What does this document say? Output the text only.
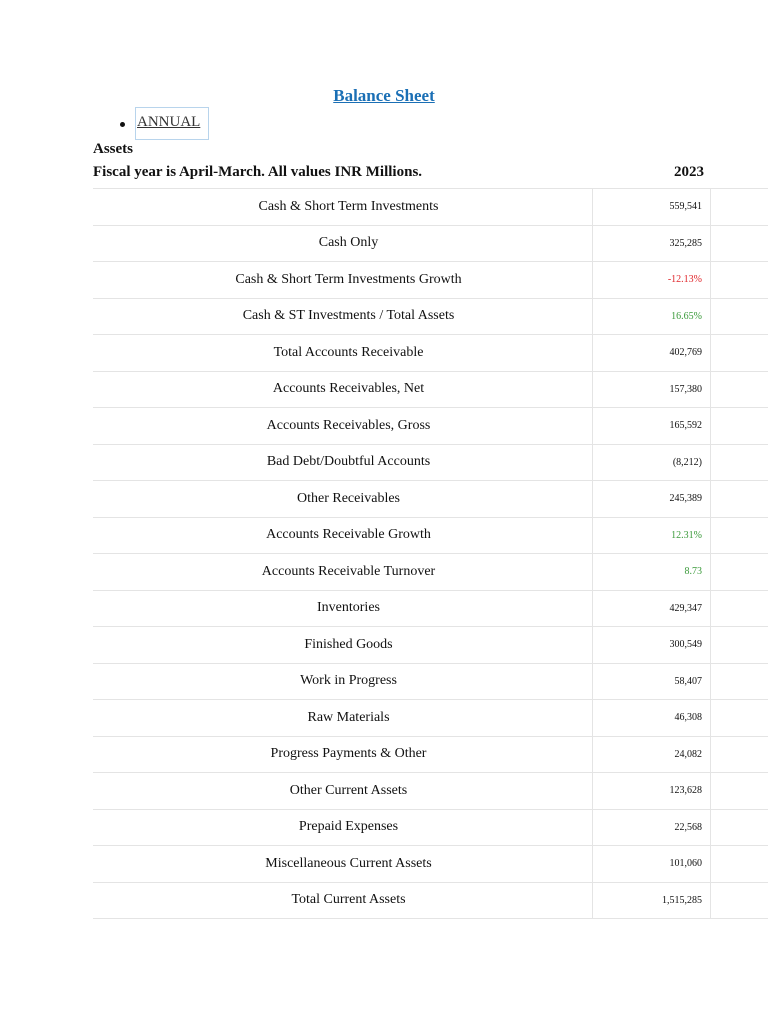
Balance Sheet
ANNUAL
Assets
Fiscal year is April-March. All values INR Millions.	2023
Cash & Short Term Investments	559,541
Cash Only	325,285
Cash & Short Term Investments Growth	-12.13%
Cash & ST Investments / Total Assets	16.65%
Total Accounts Receivable	402,769
Accounts Receivables, Net	157,380
Accounts Receivables, Gross	165,592
Bad Debt/Doubtful Accounts	(8,212)
Other Receivables	245,389
Accounts Receivable Growth	12.31%
Accounts Receivable Turnover	8.73
Inventories	429,347
Finished Goods	300,549
Work in Progress	58,407
Raw Materials	46,308
Progress Payments & Other	24,082
Other Current Assets	123,628
Prepaid Expenses	22,568
Miscellaneous Current Assets	101,060
Total Current Assets	1,515,285
